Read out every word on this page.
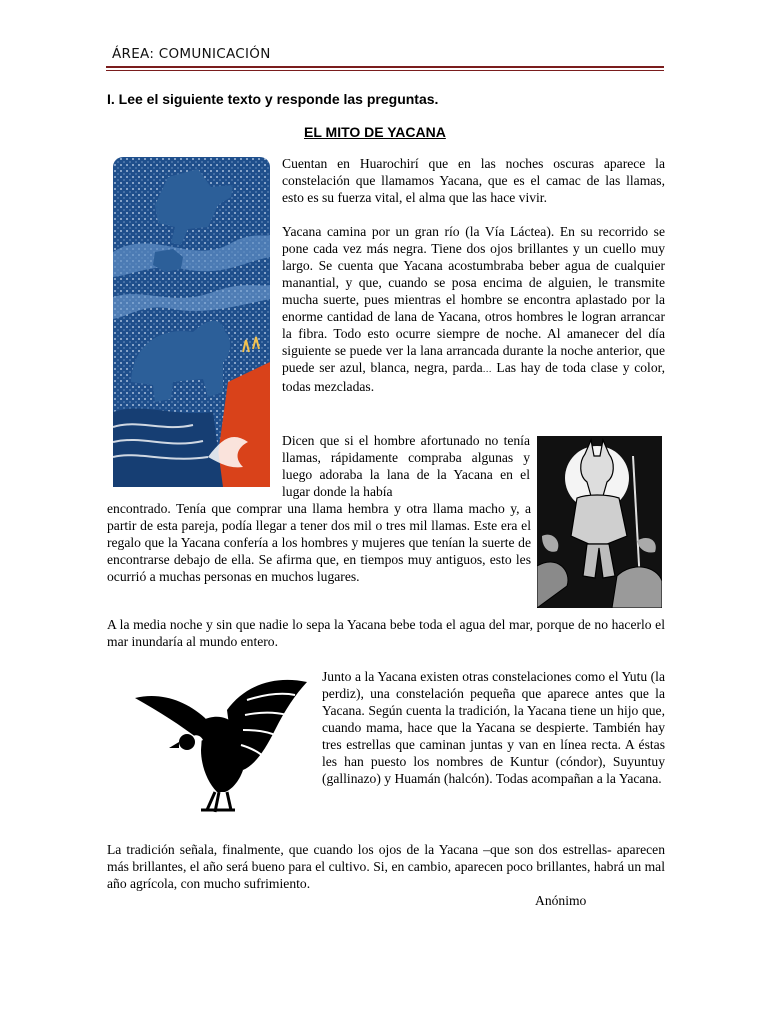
ÁREA: COMUNICACIÓN
I. Lee el siguiente texto y responde las preguntas.
EL MITO DE YACANA
Cuentan en Huarochirí que en las noches oscuras aparece la constelación que llamamos Yacana, que es el camac de las llamas, esto es su fuerza vital, el alma que las hace vivir.
Yacana camina por un gran río (la Vía Láctea). En su recorrido se pone cada vez más negra. Tiene dos ojos brillantes y un cuello muy largo. Se cuenta que Yacana acostumbraba beber agua de cualquier manantial, y que, cuando se posa encima de alguien, le transmite mucha suerte, pues mientras el hombre se encontra aplastado por la enorme cantidad de lana de Yacana, otros hombres le logran arrancar la fibra. Todo esto ocurre siempre de noche. Al amanecer del día siguiente se puede ver la lana arrancada durante la noche anterior, que puede ser azul, blanca, negra, parda… Las hay de toda clase y color, todas mezcladas.
Dicen que si el hombre afortunado no tenía llamas, rápidamente compraba algunas y luego adoraba la lana de la Yacana en el lugar donde la había
encontrado. Tenía que comprar una llama hembra y otra llama macho y, a partir de esta pareja, podía llegar a tener dos mil o tres mil llamas. Este era el regalo que la Yacana confería a los hombres y mujeres que tenían la suerte de encontrarse debajo de ella. Se afirma que, en tiempos muy antiguos, esto les ocurrió a muchas personas en muchos lugares.
A la media noche y sin que nadie lo sepa la Yacana bebe toda el agua del mar, porque de no hacerlo el mar inundaría al mundo entero.
Junto a la Yacana existen otras constelaciones como el Yutu (la perdiz), una constelación pequeña que aparece antes que la Yacana. Según cuenta la tradición, la Yacana tiene un hijo que, cuando mama, hace que la Yacana se despierte. También hay tres estrellas que caminan juntas y van en línea recta. A éstas les han puesto los nombres de Kuntur (cóndor), Suyuntuy (gallinazo) y Huamán (halcón). Todas acompañan a la Yacana.
La tradición señala, finalmente, que cuando los ojos de la Yacana –que son dos estrellas- aparecen más brillantes, el año será bueno para el cultivo. Si, en cambio, aparecen poco brillantes, habrá un mal año agrícola, con mucho sufrimiento.
Anónimo
